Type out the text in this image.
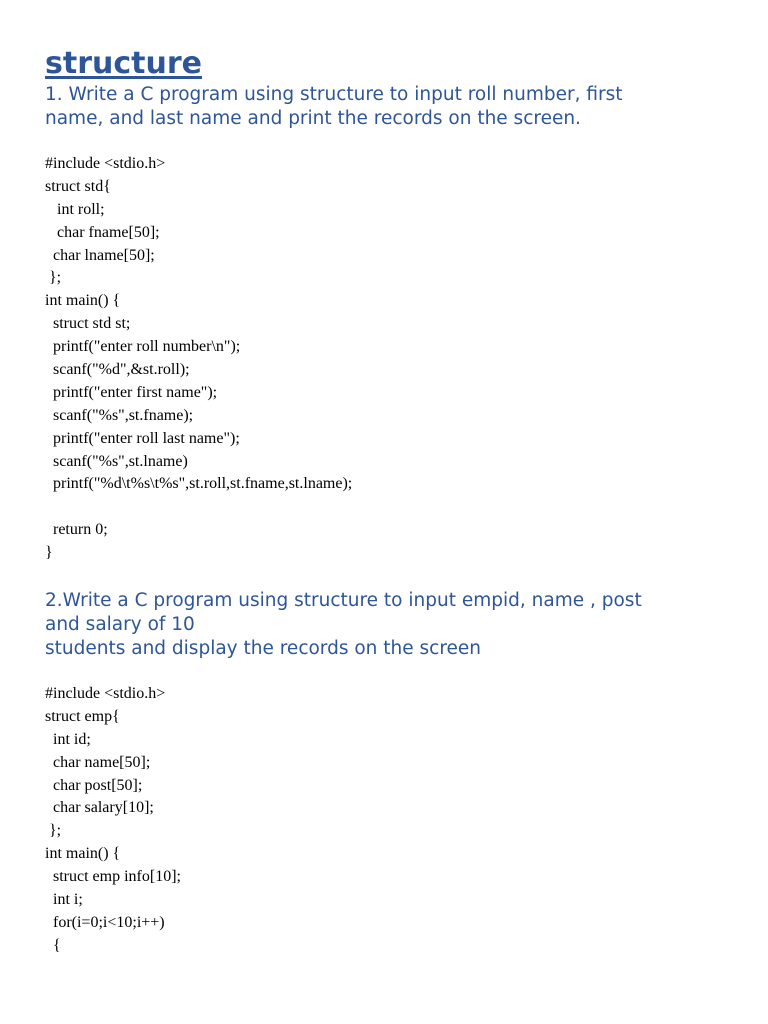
structure
1. Write a C program using structure to input roll number, first
name, and last name and print the records on the screen.
#include <stdio.h>
struct std{
int roll;
char fname[50];
char lname[50];
};
int main() {
struct std st;
printf("enter roll number\n");
scanf("%d",&st.roll);
printf("enter first name");
scanf("%s",st.fname);
printf("enter roll last name");
scanf("%s",st.lname)
printf("%d\t%s\t%s",st.roll,st.fname,st.lname);
return 0;
}
2.Write a C program using structure to input empid, name , post
and salary of 10
students and display the records on the screen
#include <stdio.h>
struct emp{
int id;
char name[50];
char post[50];
char salary[10];
};
int main() {
struct emp info[10];
int i;
for(i=0;i<10;i++)
{
